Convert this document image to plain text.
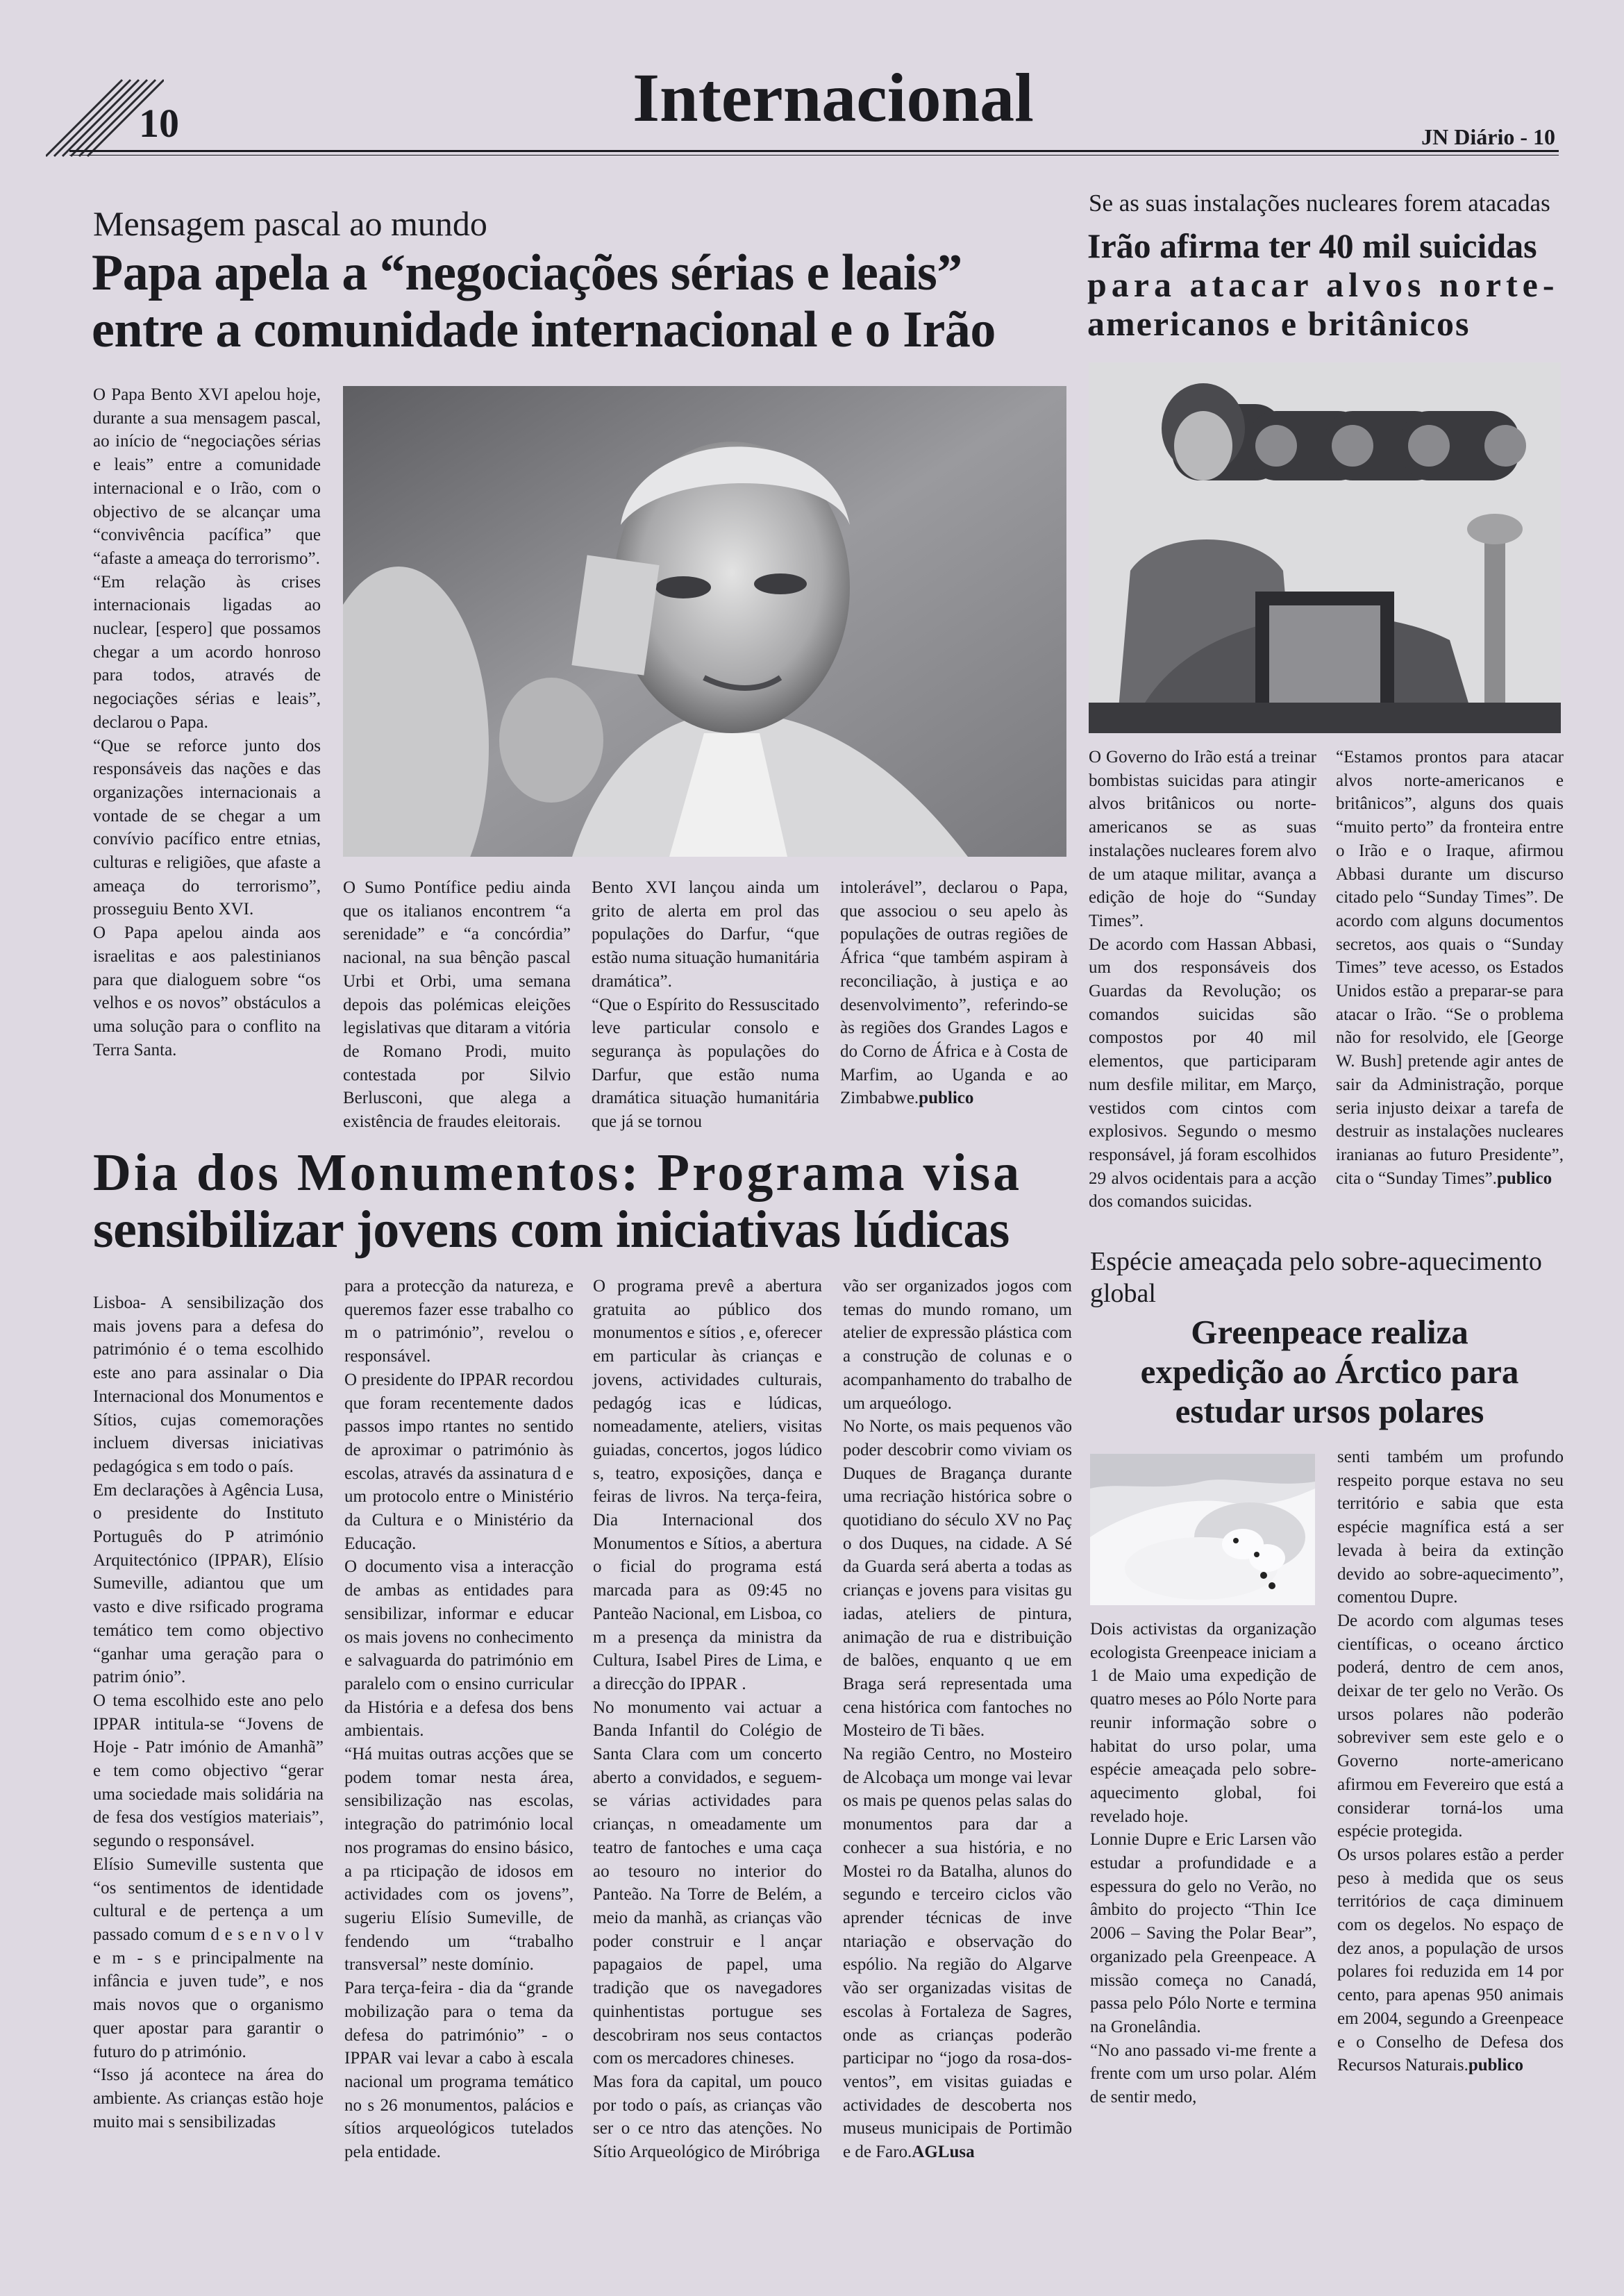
10	Internacional
JN Diário - 10
Mensagem pascal ao mundo
Papa apela a “negociações sérias e leais”
entre a comunidade internacional e o Irão

O Papa Bento XVI apelou hoje, durante a sua mensagem pascal, ao início de “negociações sérias e leais” entre a comunidade internacional e o Irão, com o objectivo de se alcançar uma “convivência pacífica” que “afaste a ameaça do terrorismo”.

“Em relação às crises internacionais ligadas ao nuclear, [espero] que possamos chegar a um acordo honroso para todos, através de negociações sérias e leais”, declarou o Papa.

“Que se reforce junto dos responsáveis das nações e das organizações internacionais a vontade de se chegar a um convívio pacífico entre etnias, culturas e religiões, que afaste a ameaça do terrorismo”, prosseguiu Bento XVI.

O Papa apelou ainda aos israelitas e aos palestinianos para que dialoguem sobre “os velhos e os novos” obstáculos a uma solução para o conflito na Terra Santa.

O Sumo Pontífice pediu ainda que os italianos encontrem “a serenidade” e “a concórdia” nacional, na sua bênção pascal Urbi et Orbi, uma semana depois das polémicas eleições legislativas que ditaram a vitória de Romano Prodi, muito contestada por Silvio Berlusconi, que alega a existência de fraudes eleitorais.

Bento XVI lançou ainda um grito de alerta em prol das populações do Darfur, “que estão numa situação humanitária dramática”.

“Que o Espírito do Ressuscitado leve particular consolo e segurança às populações do Darfur, que estão numa dramática situação humanitária que já se tornou

intolerável”, declarou o Papa, que associou o seu apelo às populações de outras regiões de África “que também aspiram à reconciliação, à justiça e ao desenvolvimento”, referindo-se às regiões dos Grandes Lagos e do Corno de África e à Costa de Marfim, ao Uganda e ao Zimbabwe.publico

Se as suas instalações nucleares forem atacadas
Irão afirma ter 40 mil suicidas
para atacar alvos norte-
americanos e britânicos

O Governo do Irão está a treinar bombistas suicidas para atingir alvos britânicos ou norte-americanos se as suas instalações nucleares forem alvo de um ataque militar, avança a edição de hoje do “Sunday Times”.

De acordo com Hassan Abbasi, um dos responsáveis dos Guardas da Revolução; os comandos suicidas são compostos por 40 mil elementos, que participaram num desfile militar, em Março, vestidos com cintos com explosivos. Segundo o mesmo responsável, já foram escolhidos 29 alvos ocidentais para a acção dos comandos suicidas.

“Estamos prontos para atacar alvos norte-americanos e britânicos”, alguns dos quais “muito perto” da fronteira entre o Irão e o Iraque, afirmou Abbasi durante um discurso citado pelo “Sunday Times”. De acordo com alguns documentos secretos, aos quais o “Sunday Times” teve acesso, os Estados Unidos estão a preparar-se para atacar o Irão. “Se o problema não for resolvido, ele [George W. Bush] pretende agir antes de sair da Administração, porque seria injusto deixar a tarefa de destruir as instalações nucleares iranianas ao futuro Presidente”, cita o “Sunday Times”.publico

Dia dos Monumentos: Programa visa
sensibilizar jovens com iniciativas lúdicas

Lisboa- A sensibilização dos mais jovens para a defesa do património é o tema escolhido este ano para assinalar o Dia Internacional dos Monumentos e Sítios, cujas comemorações incluem diversas iniciativas pedagógica s em todo o país.

Em declarações à Agência Lusa, o presidente do Instituto Português do P atrimónio Arquitectónico (IPPAR), Elísio Sumeville, adiantou que um vasto e dive rsificado programa temático tem como objectivo “ganhar uma geração para o patrim ónio”.

O tema escolhido este ano pelo IPPAR intitula-se “Jovens de Hoje - Patr imónio de Amanhã” e tem como objectivo “gerar uma sociedade mais solidária na de fesa dos vestígios materiais”, segundo o responsável.

Elísio Sumeville sustenta que “os sentimentos de identidade cultural e de pertença a um passado comum d e s e n v o l v e m - s e principalmente na infância e juven tude”, e nos mais novos que o organismo quer apostar para garantir o futuro do p atrimónio.

“Isso já acontece na área do ambiente. As crianças estão hoje muito mai s sensibilizadas

para a protecção da natureza, e queremos fazer esse trabalho co m o património”, revelou o responsável.

O presidente do IPPAR recordou que foram recentemente dados passos impo rtantes no sentido de aproximar o património às escolas, através da assinatura d e um protocolo entre o Ministério da Cultura e o Ministério da Educação.

O documento visa a interacção de ambas as entidades para sensibilizar, informar e educar os mais jovens no conhecimento e salvaguarda do património em paralelo com o ensino curricular da História e a defesa dos bens ambientais.

“Há muitas outras acções que se podem tomar nesta área, sensibilização nas escolas, integração do património local nos programas do ensino básico, a pa rticipação de idosos em actividades com os jovens”, sugeriu Elísio Sumeville, de fendendo um “trabalho transversal” neste domínio.

Para terça-feira - dia da “grande mobilização para o tema da defesa do património” - o IPPAR vai levar a cabo à escala nacional um programa temático no s 26 monumentos, palácios e sítios arqueológicos tutelados pela entidade.

O programa prevê a abertura gratuita ao público dos monumentos e sítios , e, oferecer em particular às crianças e jovens, actividades culturais, pedagóg icas e lúdicas, nomeadamente, ateliers, visitas guiadas, concertos, jogos lúdico s, teatro, exposições, dança e feiras de livros. Na terça-feira, Dia Internacional dos Monumentos e Sítios, a abertura o ficial do programa está marcada para as 09:45 no Panteão Nacional, em Lisboa, co m a presença da ministra da Cultura, Isabel Pires de Lima, e a direcção do IPPAR .

No monumento vai actuar a Banda Infantil do Colégio de Santa Clara com um concerto aberto a convidados, e seguem-se várias actividades para crianças, n omeadamente um teatro de fantoches e uma caça ao tesouro no interior do Panteão. Na Torre de Belém, a meio da manhã, as crianças vão poder construir e l ançar papagaios de papel, uma tradição que os navegadores quinhentistas portugue ses descobriram nos seus contactos com os mercadores chineses.

Mas fora da capital, um pouco por todo o país, as crianças vão ser o ce ntro das atenções. No Sítio Arqueológico de Miróbriga

vão ser organizados jogos com temas do mundo romano, um atelier de expressão plástica com a construção de colunas e o acompanhamento do trabalho de um arqueólogo.

No Norte, os mais pequenos vão poder descobrir como viviam os Duques de Bragança durante uma recriação histórica sobre o quotidiano do século XV no Paç o dos Duques, na cidade. A Sé da Guarda será aberta a todas as crianças e jovens para visitas gu iadas, ateliers de pintura, animação de rua e distribuição de balões, enquanto q ue em Braga será representada uma cena histórica com fantoches no Mosteiro de Ti bães.

Na região Centro, no Mosteiro de Alcobaça um monge vai levar os mais pe quenos pelas salas do monumentos para dar a conhecer a sua história, e no Mostei ro da Batalha, alunos do segundo e terceiro ciclos vão aprender técnicas de inve ntariação e observação do espólio. Na região do Algarve vão ser organizadas visitas de escolas à Fortaleza de Sagres, onde as crianças poderão participar no “jogo da rosa-dos-ventos”, em visitas guiadas e actividades de descoberta nos museus municipais de Portimão e de Faro.AGLusa

Espécie ameaçada pelo sobre-aquecimento global
Greenpeace realiza
expedição ao Árctico para
estudar ursos polares

Dois activistas da organização ecologista Greenpeace iniciam a 1 de Maio uma expedição de quatro meses ao Pólo Norte para reunir informação sobre o habitat do urso polar, uma espécie ameaçada pelo sobre-aquecimento global, foi revelado hoje.

Lonnie Dupre e Eric Larsen vão estudar a profundidade e a espessura do gelo no Verão, no âmbito do projecto “Thin Ice 2006 – Saving the Polar Bear”, organizado pela Greenpeace. A missão começa no Canadá, passa pelo Pólo Norte e termina na Gronelândia.

“No ano passado vi-me frente a frente com um urso polar. Além de sentir medo,

senti também um profundo respeito porque estava no seu território e sabia que esta espécie magnífica está a ser levada à beira da extinção devido ao sobre-aquecimento”, comentou Dupre.

De acordo com algumas teses científicas, o oceano árctico poderá, dentro de cem anos, deixar de ter gelo no Verão. Os ursos polares não poderão sobreviver sem este gelo e o Governo norte-americano afirmou em Fevereiro que está a considerar torná-los uma espécie protegida.

Os ursos polares estão a perder peso à medida que os seus territórios de caça diminuem com os degelos. No espaço de dez anos, a população de ursos polares foi reduzida em 14 por cento, para apenas 950 animais em 2004, segundo a Greenpeace e o Conselho de Defesa dos Recursos Naturais.publico
